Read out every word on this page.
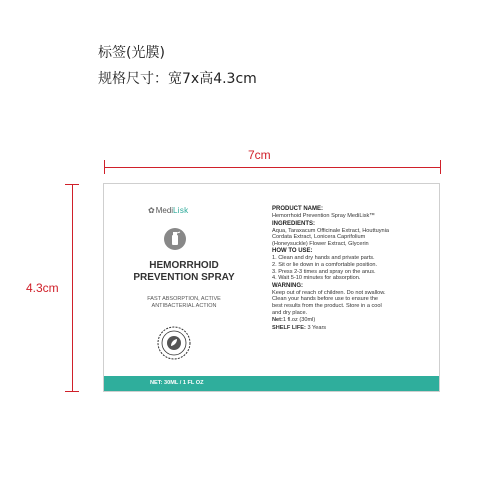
标签(光膜)
规格尺寸：宽7x高4.3cm
7cm
4.3cm
✿MediLisk
HEMORRHOID
PREVENTION SPRAY
FAST ABSORPTION, ACTIVE
ANTIBACTERIAL ACTION
PRODUCT NAME:
Hemorrhoid Prevention Spray MediLisk™
INGREDIENTS:
Aqua, Taraxacum Officinale Extract, Houttuynia
Cordata Extract, Lonicera Caprifolium
(Honeysuckle) Flower Extract, Glycerin
HOW TO USE:
1. Clean and dry hands and private parts.
2. Sit or lie down in a comfortable position.
3. Press 2-3 times and spray on the anus.
4. Wait 5-10 minutes for absorption.
WARNING:
Keep out of reach of children. Do not swallow.
Clean your hands before use to ensure the
best results from the product. Store in a cool
and dry place.
Net:1 fl.oz (30ml)
SHELF LIFE: 3 Years
NET: 30ML / 1 FL OZ
